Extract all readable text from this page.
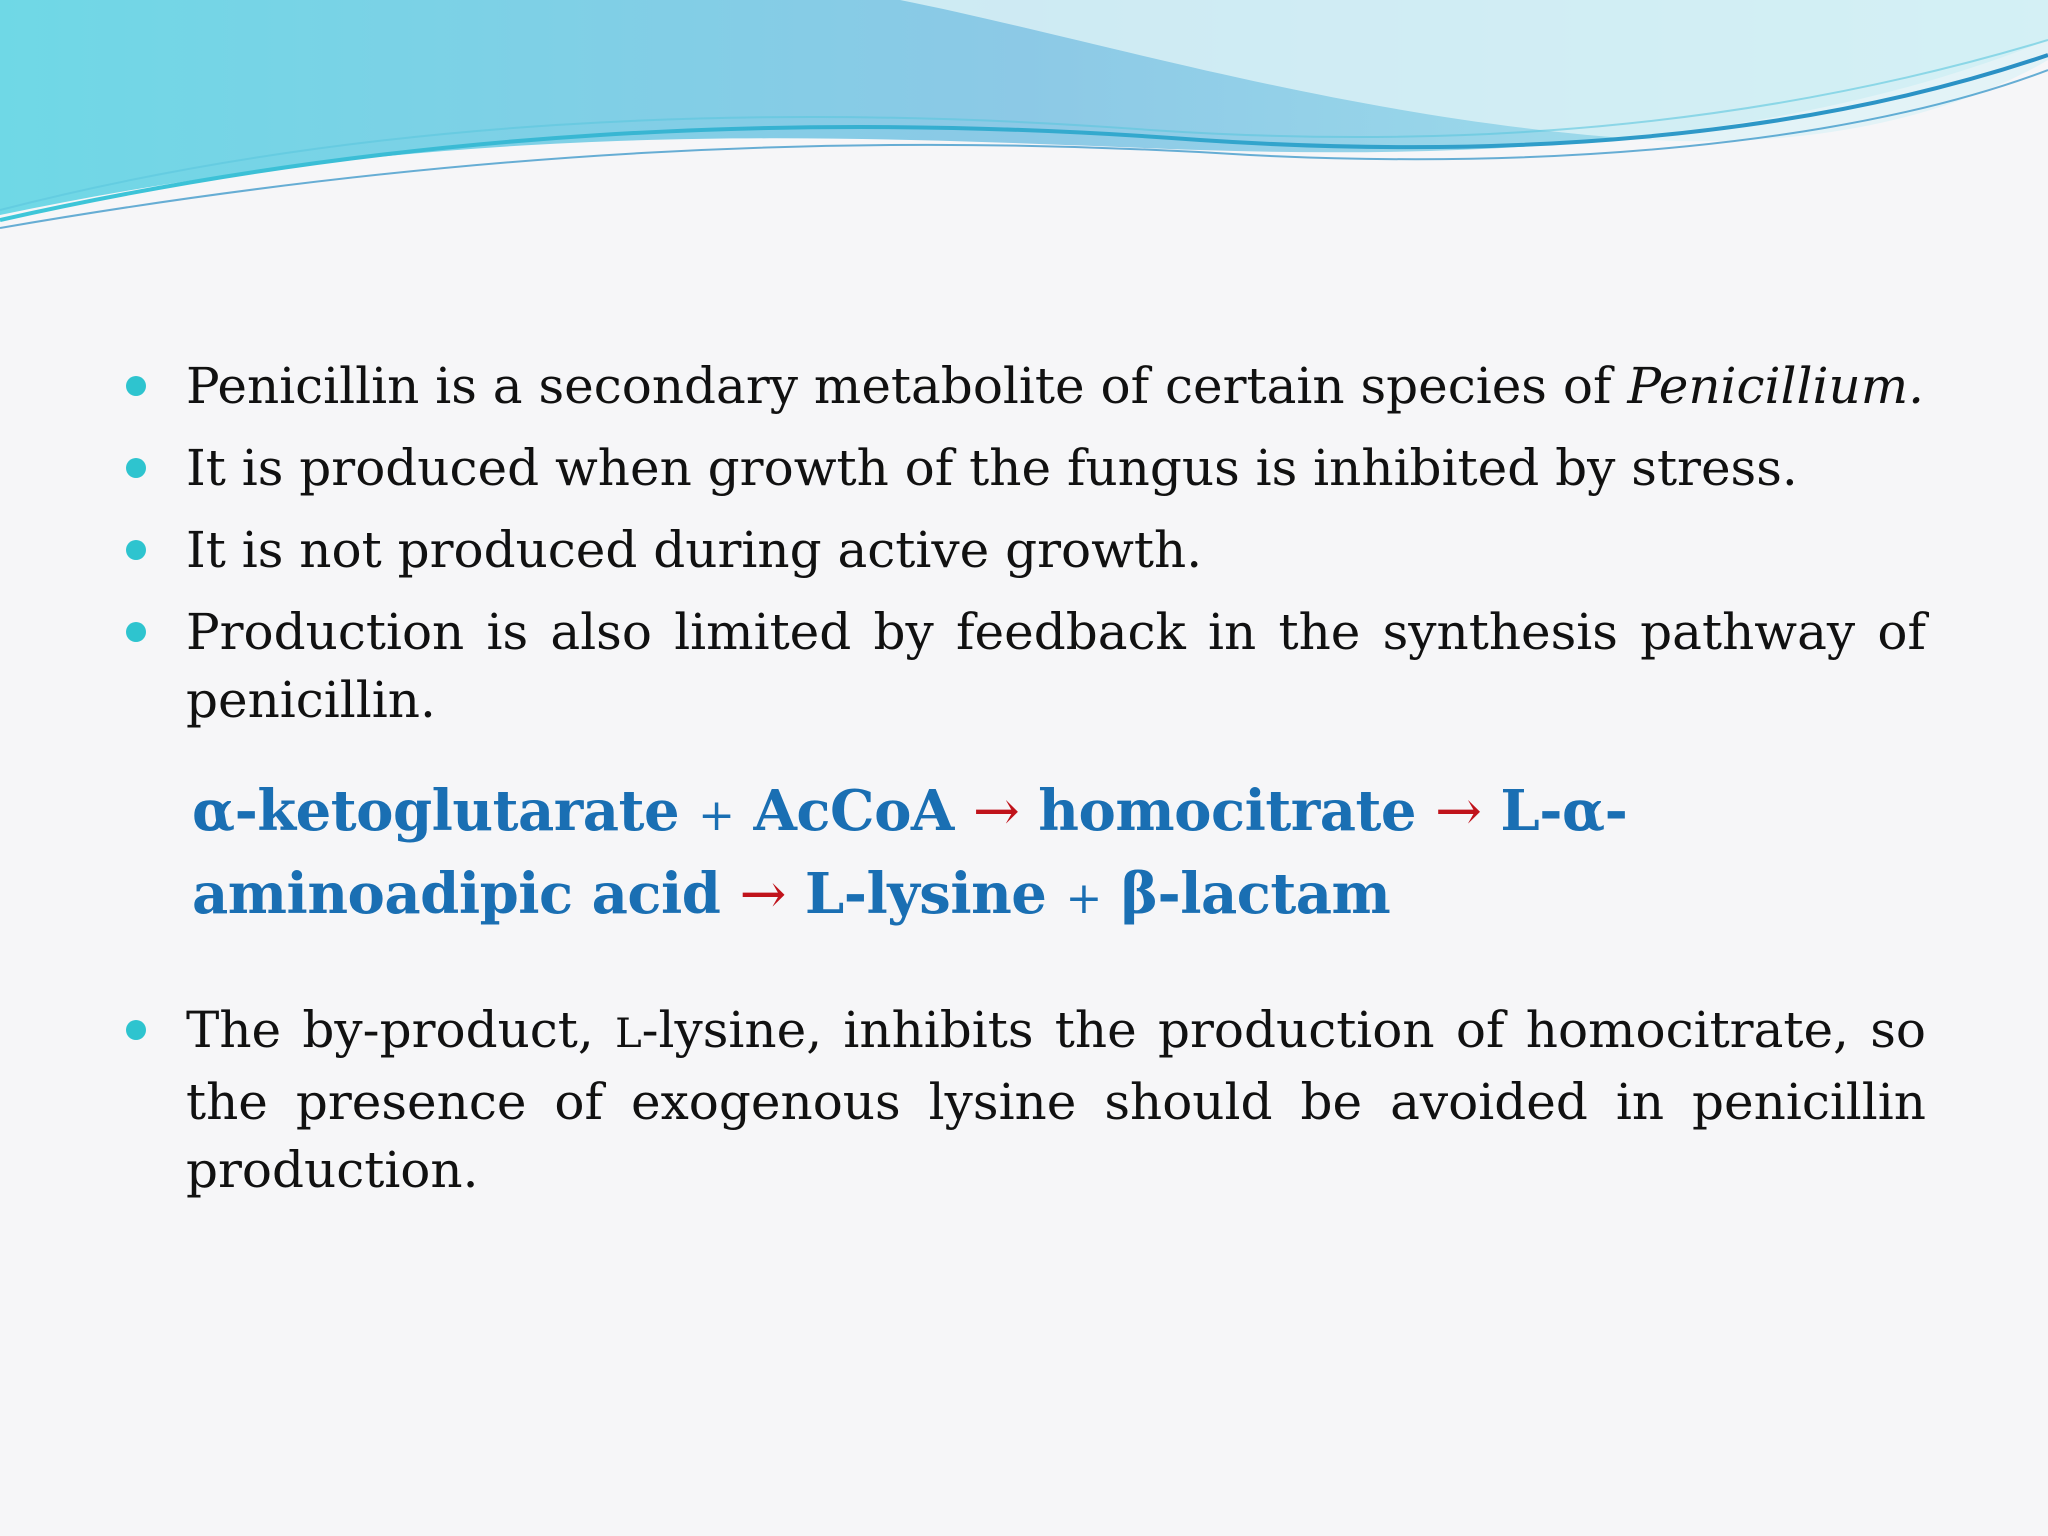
Penicillin is a secondary metabolite of certain species of Penicillium.
It is produced when growth of the fungus is inhibited by stress.
It is not produced during active growth.
Production is also limited by feedback in the synthesis pathway of penicillin.
α-ketoglutarate + AcCoA → homocitrate → L-α-aminoadipic acid → L-lysine + β-lactam
The by-product, L-lysine, inhibits the production of homocitrate, so the presence of exogenous lysine should be avoided in penicillin production.
